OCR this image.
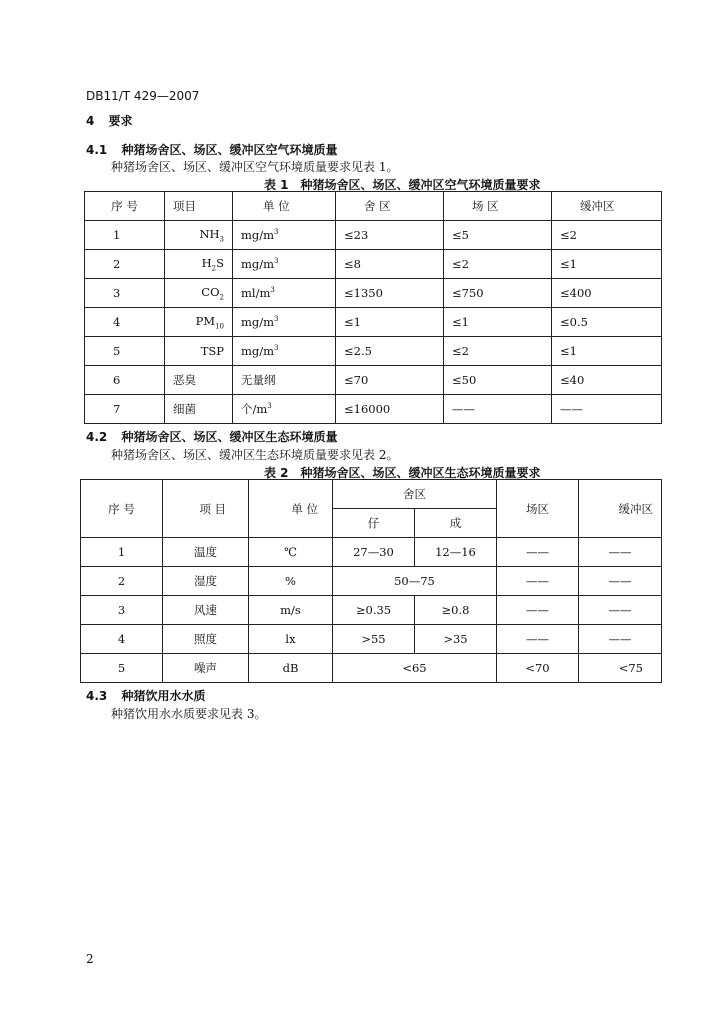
DB11/T 429—2007
4 要求
4.1 种猪场舍区、场区、缓冲区空气环境质量
种猪场舍区、场区、缓冲区空气环境质量要求见表 1。
表 1　种猪场舍区、场区、缓冲区空气环境质量要求
序 号	项目	单 位	舍 区	场 区	缓冲区
1	$NH_3$	$mg/m^3$	≤23	≤5	≤2
2	$H_2S$	$mg/m^3$	≤8	≤2	≤1
3	$CO_2$	$ml/m^3$	≤1350	≤750	≤400
4	$PM_{10}$	$mg/m^3$	≤1	≤1	≤0.5
5	TSP	$mg/m^3$	≤2.5	≤2	≤1
6	恶臭	无量纲	≤70	≤50	≤40
7	细菌	个$/m^3$	≤16000	——	——
4.2 种猪场舍区、场区、缓冲区生态环境质量
种猪场舍区、场区、缓冲区生态环境质量要求见表 2。
表 2　种猪场舍区、场区、缓冲区生态环境质量要求
序 号	项 目	单 位	舍区		场区	缓冲区
			仔	成		
1	温度	℃	27—30	12—16	——	——
2	湿度	%	50—75		——	——
3	风速	m/s	≥0.35	≥0.8	——	——
4	照度	lx	>55	>35	——	——
5	噪声	dB	<65		<70	<75
4.3 种猪饮用水水质
种猪饮用水水质要求见表 3。
2
